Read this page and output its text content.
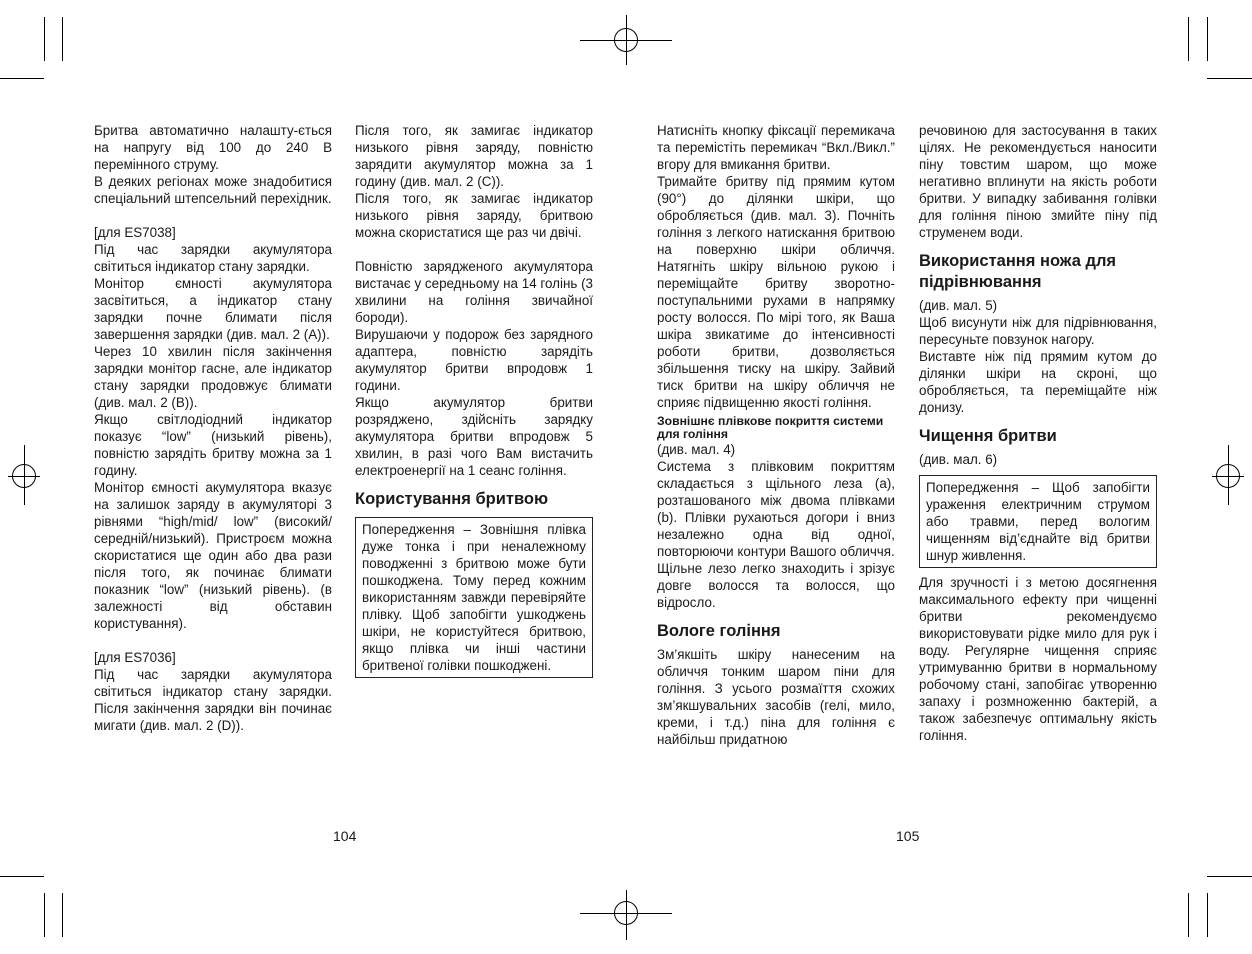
Бритва автоматично налашту-ється на напругу від 100 до 240 В перемінного струму.

В деяких регіонах може знадобитися спеціальний штепсельний перехідник.

[для ES7038]

Під час зарядки акумулятора світиться індикатор стану зарядки.

Монітор ємності акумулятора засвітиться, а індикатор стану зарядки почне блимати після завершення зарядки (див. мал. 2 (A)).

Через 10 хвилин після закінчення зарядки монітор гасне, але індикатор стану зарядки продовжує блимати (див. мал. 2 (B)).

Якщо світлодіодний індикатор показує “low” (низький рівень), повністю зарядіть бритву можна за 1 годину.

Монітор ємності акумулятора вказує на залишок заряду в акумуляторі 3 рівнями “high/mid/ low” (високий/середній/низький). Пристроєм можна скористатися ще один або два рази після того, як починає блимати показник “low” (низький рівень). (в залежності від обставин користування).

[для ES7036]

Під час зарядки акумулятора світиться індикатор стану зарядки. Після закінчення зарядки він починає мигати (див. мал. 2 (D)).

Після того, як замигає індикатор низького рівня заряду, повністю зарядити акумулятор можна за 1 годину (див. мал. 2 (C)).

Після того, як замигає індикатор низького рівня заряду, бритвою можна скористатися ще раз чи двічі.

Повністю зарядженого акумулятора вистачає у середньому на 14 голінь (3 хвилини на гоління звичайної бороди).

Вирушаючи у подорож без зарядного адаптера, повністю зарядіть акумулятор бритви впродовж 1 години.

Якщо акумулятор бритви розряджено, здійсніть зарядку акумулятора бритви впродовж 5 хвилин, в разі чого Вам вистачить електроенергії на 1 сеанс гоління.

Користування бритвою
Попередження – Зовнішня плівка дуже тонка і при неналежному поводженні з бритвою може бути пошкоджена. Тому перед кожним використанням завжди перевіряйте плівку. Щоб запобігти ушкоджень шкіри, не користуйтеся бритвою, якщо плівка чи інші частини бритвеної голівки пошкоджені.

Натисніть кнопку фіксації перемикача та перемістіть перемикач “Вкл./Викл.” вгору для вмикання бритви.

Тримайте бритву під прямим кутом (90°) до ділянки шкіри, що обробляється (див. мал. 3). Почніть гоління з легкого натискання бритвою на поверхню шкіри обличчя. Натягніть шкіру вільною рукою і переміщайте бритву зворотно-поступальними рухами в напрямку росту волосся. По мірі того, як Ваша шкіра звикатиме до інтенсивності роботи бритви, дозволяється збільшення тиску на шкіру. Зайвий тиск бритви на шкіру обличчя не сприяє підвищенню якості гоління.

Зовнішнє плівкове покриття системи для гоління

(див. мал. 4)

Система з плівковим покриттям складається з щільного леза (a), розташованого між двома плівками (b). Плівки рухаються догори і вниз незалежно одна від одної, повторюючи контури Вашого обличчя.

Щільне лезо легко знаходить і зрізує довге волосся та волосся, що відросло.

Вологе гоління

Зм’якшіть шкіру нанесеним на обличчя тонким шаром піни для гоління. З усього розмаїття схожих зм’якшувальних засобів (гелі, мило, креми, і т.д.) піна для гоління є найбільш придатною

речовиною для застосування в таких цілях. Не рекомендується наносити піну товстим шаром, що може негативно вплинути на якість роботи бритви. У випадку забивання голівки для гоління піною змийте піну під струменем води.

Використання ножа для підрівнювання

(див. мал. 5)

Щоб висунути ніж для підрівнювання, пересуньте повзунок нагору.

Виставте ніж під прямим кутом до ділянки шкіри на скроні, що обробляється, та переміщайте ніж донизу.

Чищення бритви

(див. мал. 6)

Попередження – Щоб запобігти ураження електричним струмом або травми, перед вологим чищенням від’єднайте від бритви шнур живлення.

Для зручності і з метою досягнення максимального ефекту при чищенні бритви рекомендуємо використовувати рідке мило для рук і воду. Регулярне чищення сприяє утримуванню бритви в нормальному робочому стані, запобігає утворенню запаху і розмноженню бактерій, а також забезпечує оптимальну якість гоління.

104	105
